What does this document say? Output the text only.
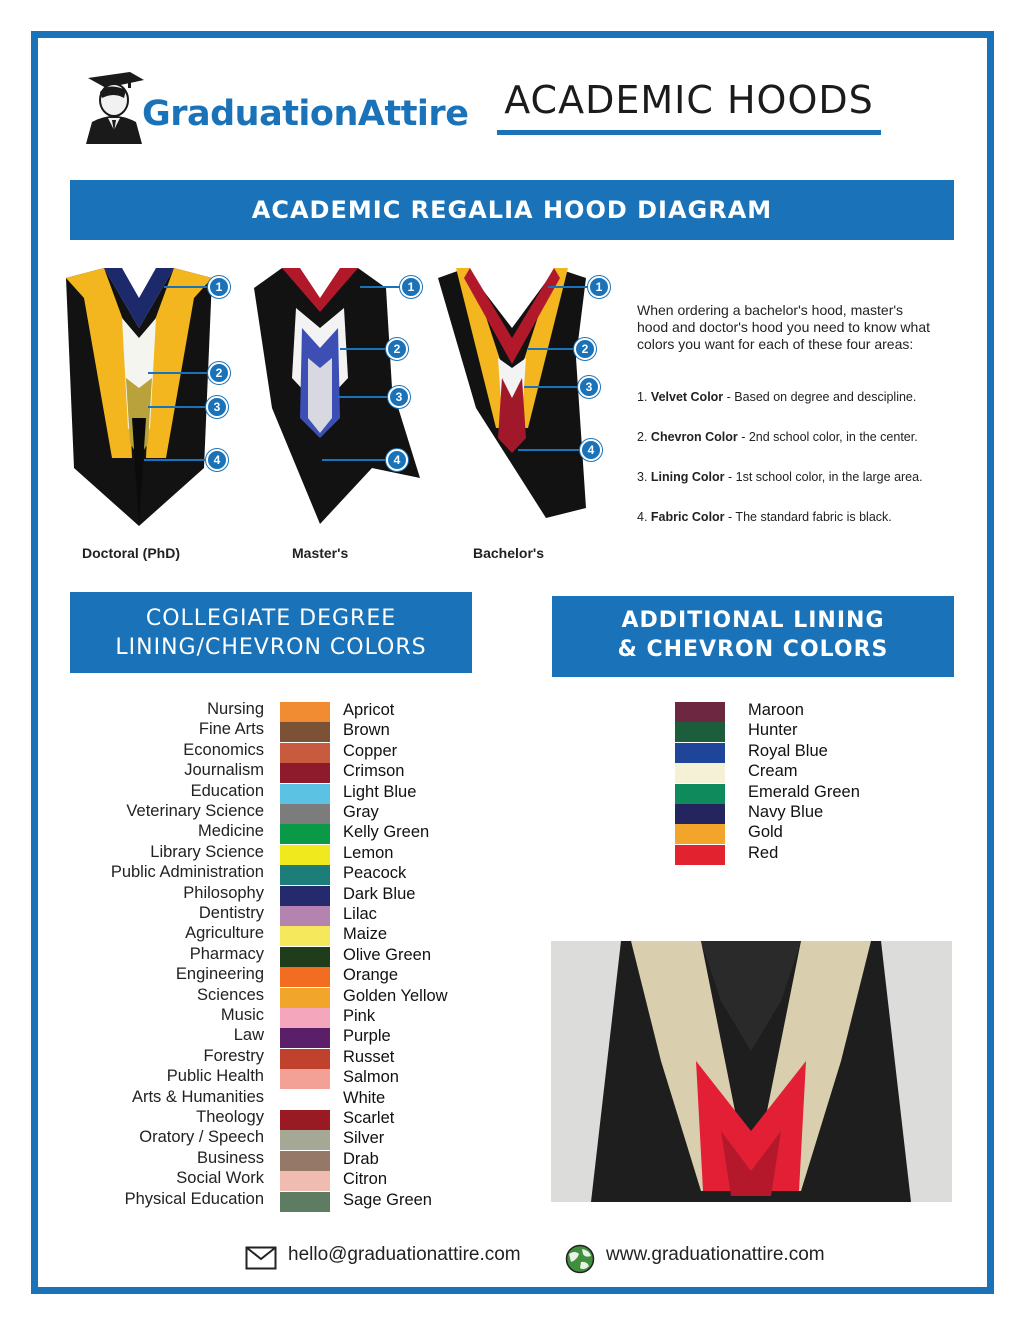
GraduationAttire ACADEMIC HOODS
ACADEMIC REGALIA HOOD DIAGRAM
1
2
3
4
Doctoral (PhD)
1
2
3
4
Master's
1
2
3
4
Bachelor's
When ordering a bachelor's hood, master's hood and doctor's hood you need to know what colors you want for each of these four areas:
1. Velvet Color - Based on degree and descipline.
2. Chevron Color - 2nd school color, in the center.
3. Lining Color - 1st school color, in the large area.
4. Fabric Color - The standard fabric is black.
COLLEGIATE DEGREE
LINING/CHEVRON COLORS
ADDITIONAL LINING
& CHEVRON COLORS
Nursing	Apricot
Fine Arts	Brown
Economics	Copper
Journalism	Crimson
Education	Light Blue
Veterinary Science	Gray
Medicine	Kelly Green
Library Science	Lemon
Public Administration	Peacock
Philosophy	Dark Blue
Dentistry	Lilac
Agriculture	Maize
Pharmacy	Olive Green
Engineering	Orange
Sciences	Golden Yellow
Music	Pink
Law	Purple
Forestry	Russet
Public Health	Salmon
Arts & Humanities	White
Theology	Scarlet
Oratory / Speech	Silver
Business	Drab
Social Work	Citron
Physical Education	Sage Green
Maroon
Hunter
Royal Blue
Cream
Emerald Green
Navy Blue
Gold
Red
hello@graduationattire.com	www.graduationattire.com
